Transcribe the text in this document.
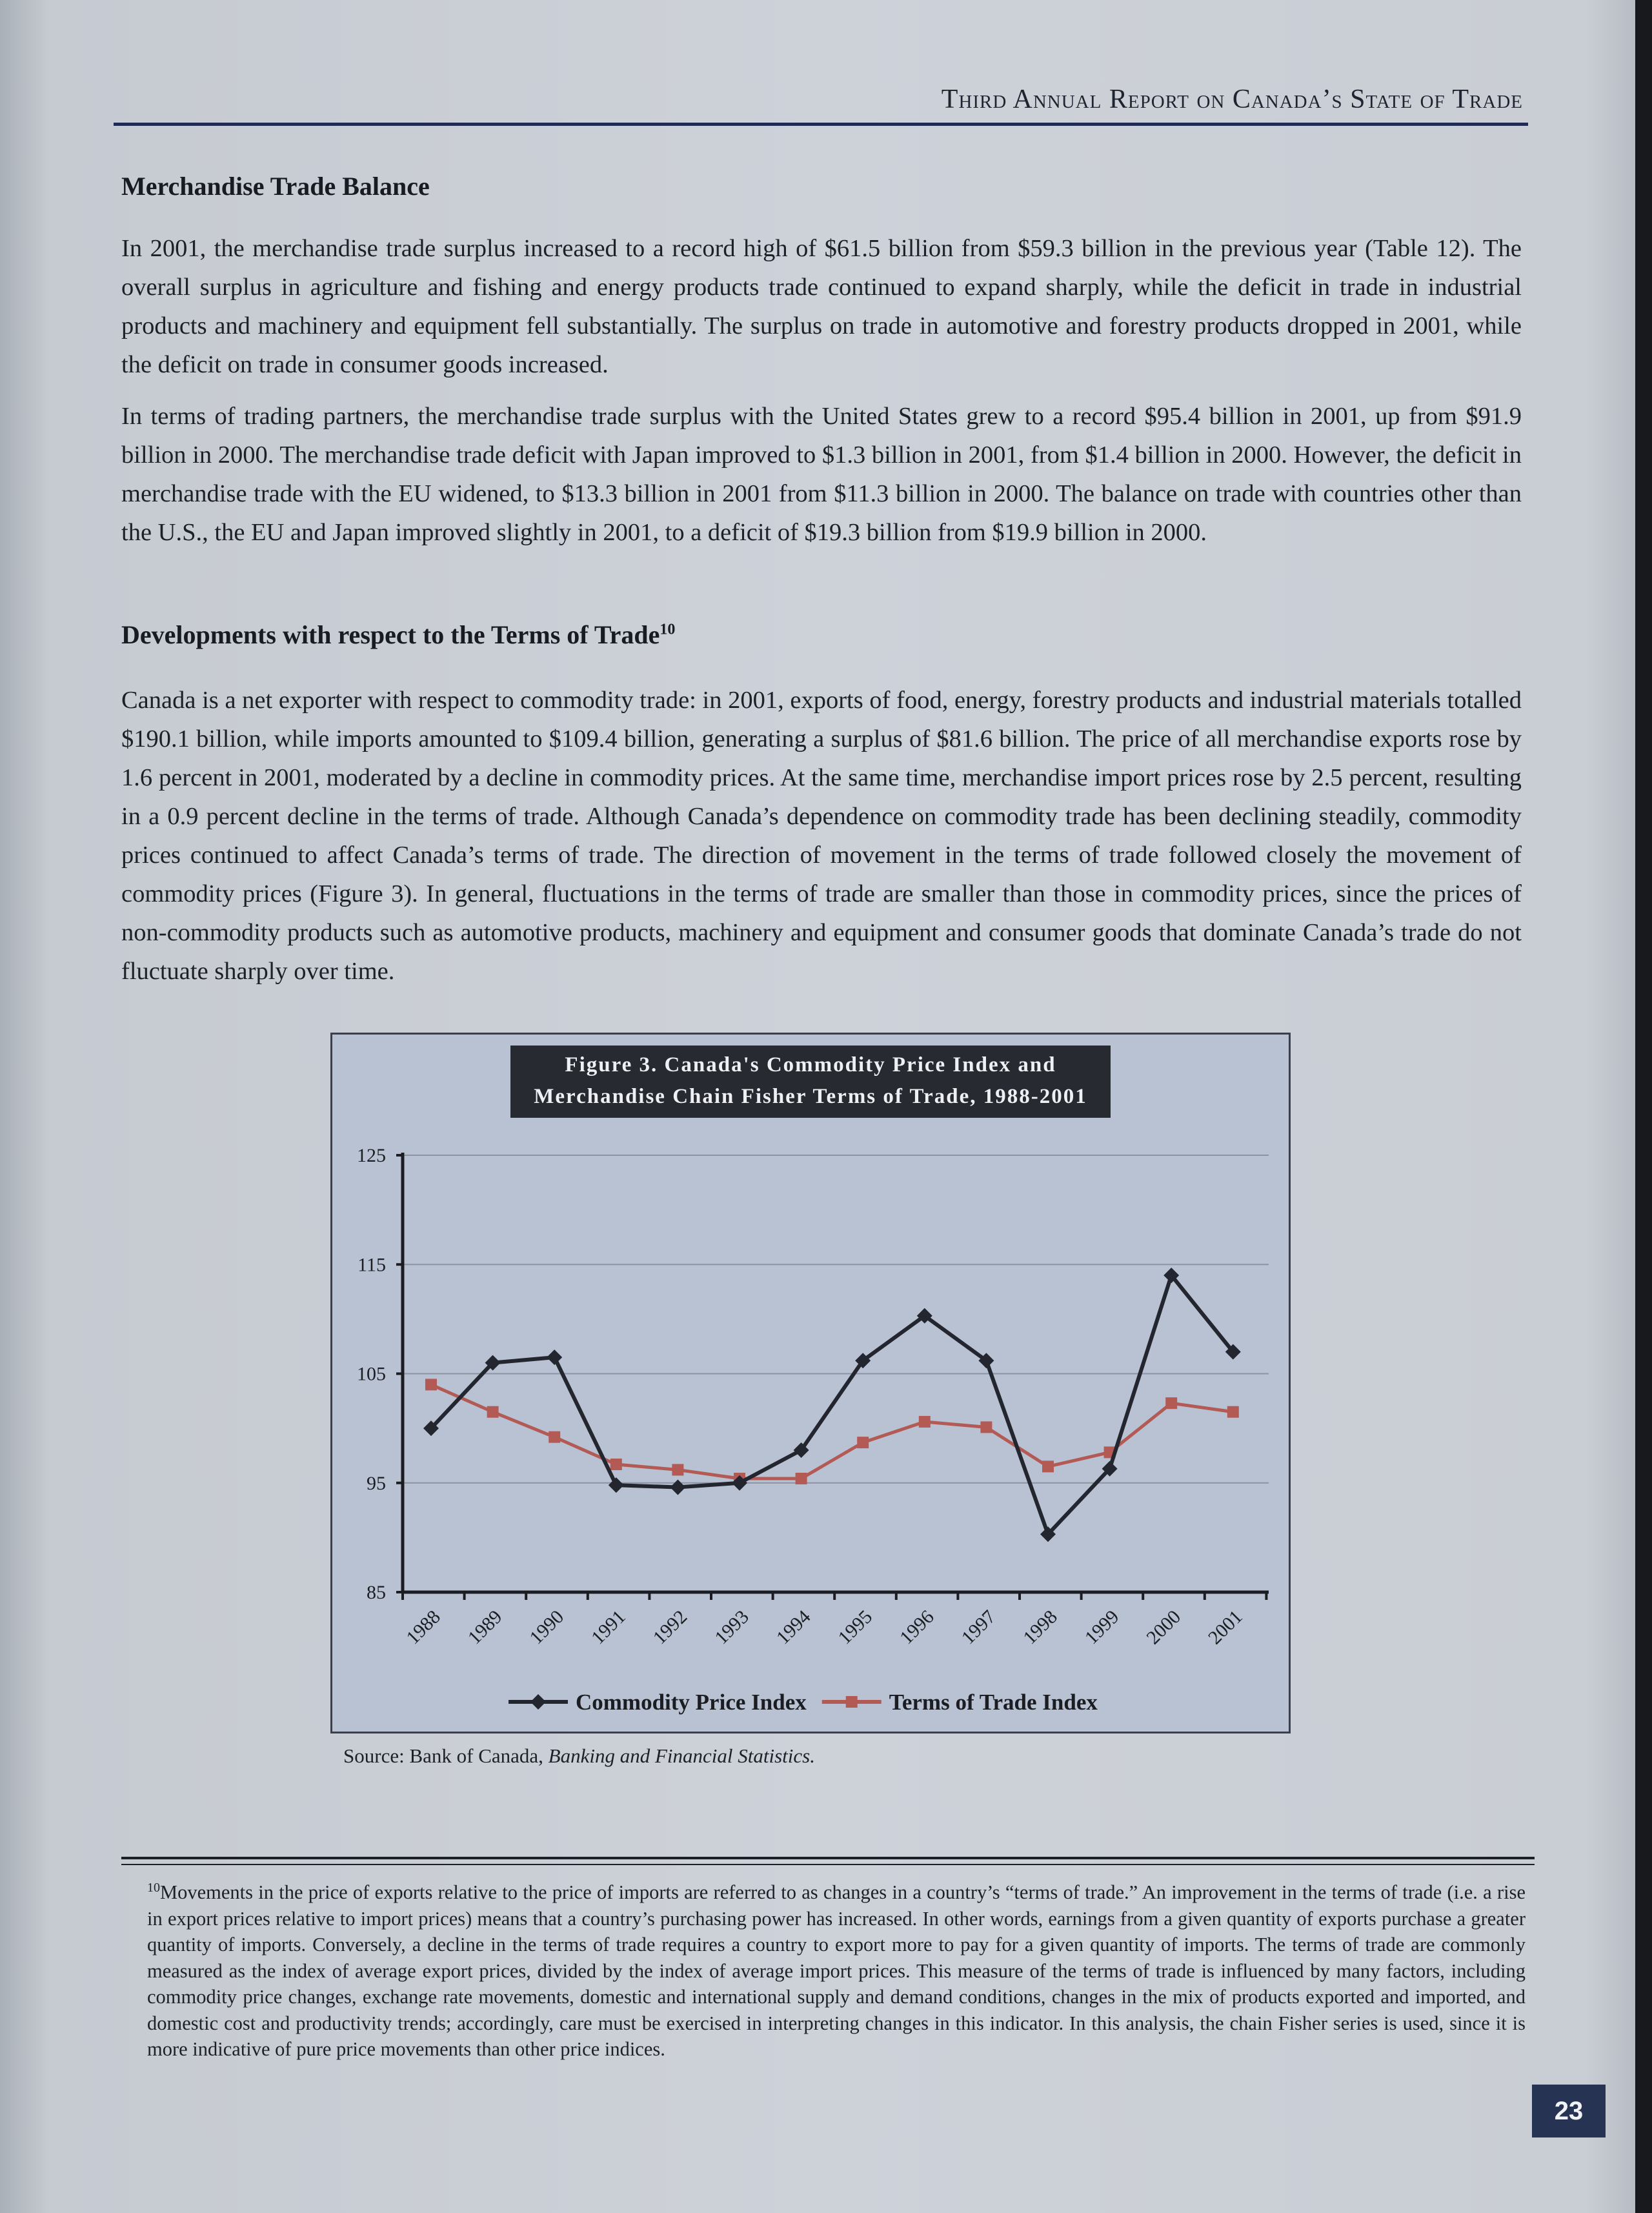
Third Annual Report on Canada’s State of Trade
Merchandise Trade Balance

In 2001, the merchandise trade surplus increased to a record high of $61.5 billion from $59.3 billion in the previous year (Table 12). The overall surplus in agriculture and fishing and energy products trade continued to expand sharply, while the deficit in trade in industrial products and machinery and equipment fell substantially. The surplus on trade in automotive and forestry products dropped in 2001, while the deficit on trade in consumer goods increased.

In terms of trading partners, the merchandise trade surplus with the United States grew to a record $95.4 billion in 2001, up from $91.9 billion in 2000. The merchandise trade deficit with Japan improved to $1.3 billion in 2001, from $1.4 billion in 2000. However, the deficit in merchandise trade with the EU widened, to $13.3 billion in 2001 from $11.3 billion in 2000. The balance on trade with countries other than the U.S., the EU and Japan improved slightly in 2001, to a deficit of $19.3 billion from $19.9 billion in 2000.

Developments with respect to the Terms of Trade$^{10}$

Canada is a net exporter with respect to commodity trade: in 2001, exports of food, energy, forestry products and industrial materials totalled $190.1 billion, while imports amounted to $109.4 billion, generating a surplus of $81.6 billion. The price of all merchandise exports rose by 1.6 percent in 2001, moderated by a decline in commodity prices. At the same time, merchandise import prices rose by 2.5 percent, resulting in a 0.9 percent decline in the terms of trade. Although Canada’s dependence on commodity trade has been declining steadily, commodity prices continued to affect Canada’s terms of trade. The direction of movement in the terms of trade followed closely the movement of commodity prices (Figure 3). In general, fluctuations in the terms of trade are smaller than those in commodity prices, since the prices of non-commodity products such as automotive products, machinery and equipment and consumer goods that dominate Canada’s trade do not fluctuate sharply over time.

85
95
105
115
125
1988 1989 1990 1991 1992 1993 1994 1995 1996 1997 1998 1999 2000 2001
Commodity Price Index	Terms of Trade Index
Figure 3. Canada's Commodity Price Index and
Merchandise Chain Fisher Terms of Trade, 1988-2001
Source: Bank of Canada, Banking and Financial Statistics.

$^{10}$Movements in the price of exports relative to the price of imports are referred to as changes in a country’s “terms of trade.” An improvement in the terms of trade (i.e. a rise in export prices relative to import prices) means that a country’s purchasing power has increased. In other words, earnings from a given quantity of exports purchase a greater quantity of imports. Conversely, a decline in the terms of trade requires a country to export more to pay for a given quantity of imports. The terms of trade are commonly measured as the index of average export prices, divided by the index of average import prices. This measure of the terms of trade is influenced by many factors, including commodity price changes, exchange rate movements, domestic and international supply and demand conditions, changes in the mix of products exported and imported, and domestic cost and productivity trends; accordingly, care must be exercised in interpreting changes in this indicator. In this analysis, the chain Fisher series is used, since it is more indicative of pure price movements than other price indices.

23
